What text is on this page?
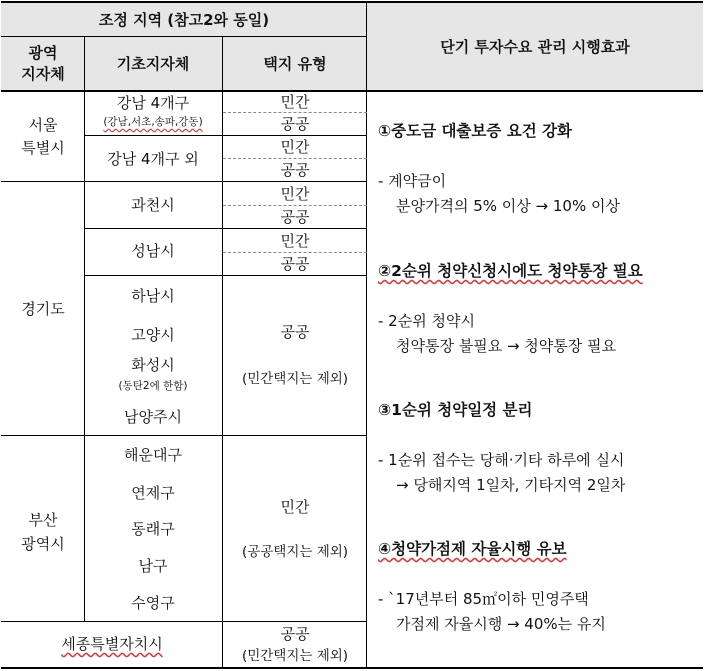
조정 지역 (참고2와 동일)
광역
지자체
기초지자체	택지 유형
단기 투자수요 관리 시행효과
서울
특별시
강남 4개구
(강남,서초,송파,강동)
강남 4개구 외
민간
공공
민간
공공
경기도
과천시
성남시
민간
공공
민간
공공
하남시
고양시
화성시
(동탄2에 한함)
남양주시
공공
(민간택지는 제외)
부산
광역시
해운대구
연제구
동래구
남구
수영구
민간
(공공택지는 제외)
세종특별자치시
공공
(민간택지는 제외)
①중도금 대출보증 요건 강화
- 계약금이
분양가격의 5% 이상 → 10% 이상
②2순위 청약신청시에도 청약통장 필요
- 2순위 청약시
청약통장 불필요 → 청약통장 필요
③1순위 청약일정 분리
- 1순위 접수는 당해·기타 하루에 실시
→ 당해지역 1일차, 기타지역 2일차
④청약가점제 자율시행 유보
- `17년부터 85㎡이하 민영주택
가점제 자율시행 → 40%는 유지
